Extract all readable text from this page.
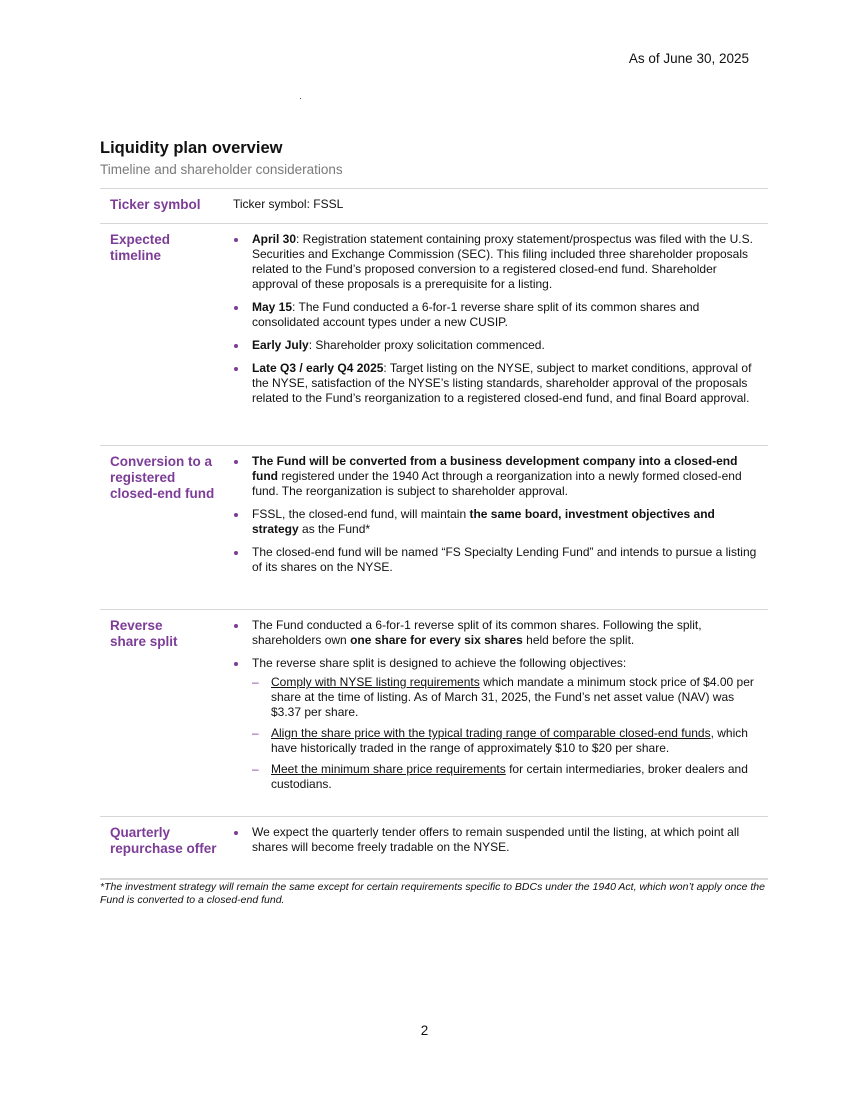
As of June 30, 2025
Liquidity plan overview
Timeline and shareholder considerations
Ticker symbol	Ticker symbol: FSSL
Expected
timeline
April 30: Registration statement containing proxy statement/prospectus was filed with the U.S. Securities and Exchange Commission (SEC). This filing included three shareholder proposals related to the Fund’s proposed conversion to a registered closed-end fund. Shareholder approval of these proposals is a prerequisite for a listing.
May 15: The Fund conducted a 6-for-1 reverse share split of its common shares and consolidated account types under a new CUSIP.
Early July: Shareholder proxy solicitation commenced.
Late Q3 / early Q4 2025: Target listing on the NYSE, subject to market conditions, approval of the NYSE, satisfaction of the NYSE’s listing standards, shareholder approval of the proposals related to the Fund’s reorganization to a registered closed-end fund, and final Board approval.
Conversion to a
registered
closed-end fund
The Fund will be converted from a business development company into a closed-end fund registered under the 1940 Act through a reorganization into a newly formed closed-end fund. The reorganization is subject to shareholder approval.
FSSL, the closed-end fund, will maintain the same board, investment objectives and strategy as the Fund*
The closed-end fund will be named “FS Specialty Lending Fund” and intends to pursue a listing of its shares on the NYSE.
Reverse
share split
The Fund conducted a 6-for-1 reverse split of its common shares. Following the split, shareholders own one share for every six shares held before the split.
The reverse share split is designed to achieve the following objectives:
– Comply with NYSE listing requirements which mandate a minimum stock price of $4.00 per share at the time of listing. As of March 31, 2025, the Fund’s net asset value (NAV) was $3.37 per share.
– Align the share price with the typical trading range of comparable closed-end funds, which have historically traded in the range of approximately $10 to $20 per share.
– Meet the minimum share price requirements for certain intermediaries, broker dealers and custodians.
Quarterly
repurchase offer
We expect the quarterly tender offers to remain suspended until the listing, at which point all shares will become freely tradable on the NYSE.
*The investment strategy will remain the same except for certain requirements specific to BDCs under the 1940 Act, which won’t apply once the Fund is converted to a closed-end fund.
2
